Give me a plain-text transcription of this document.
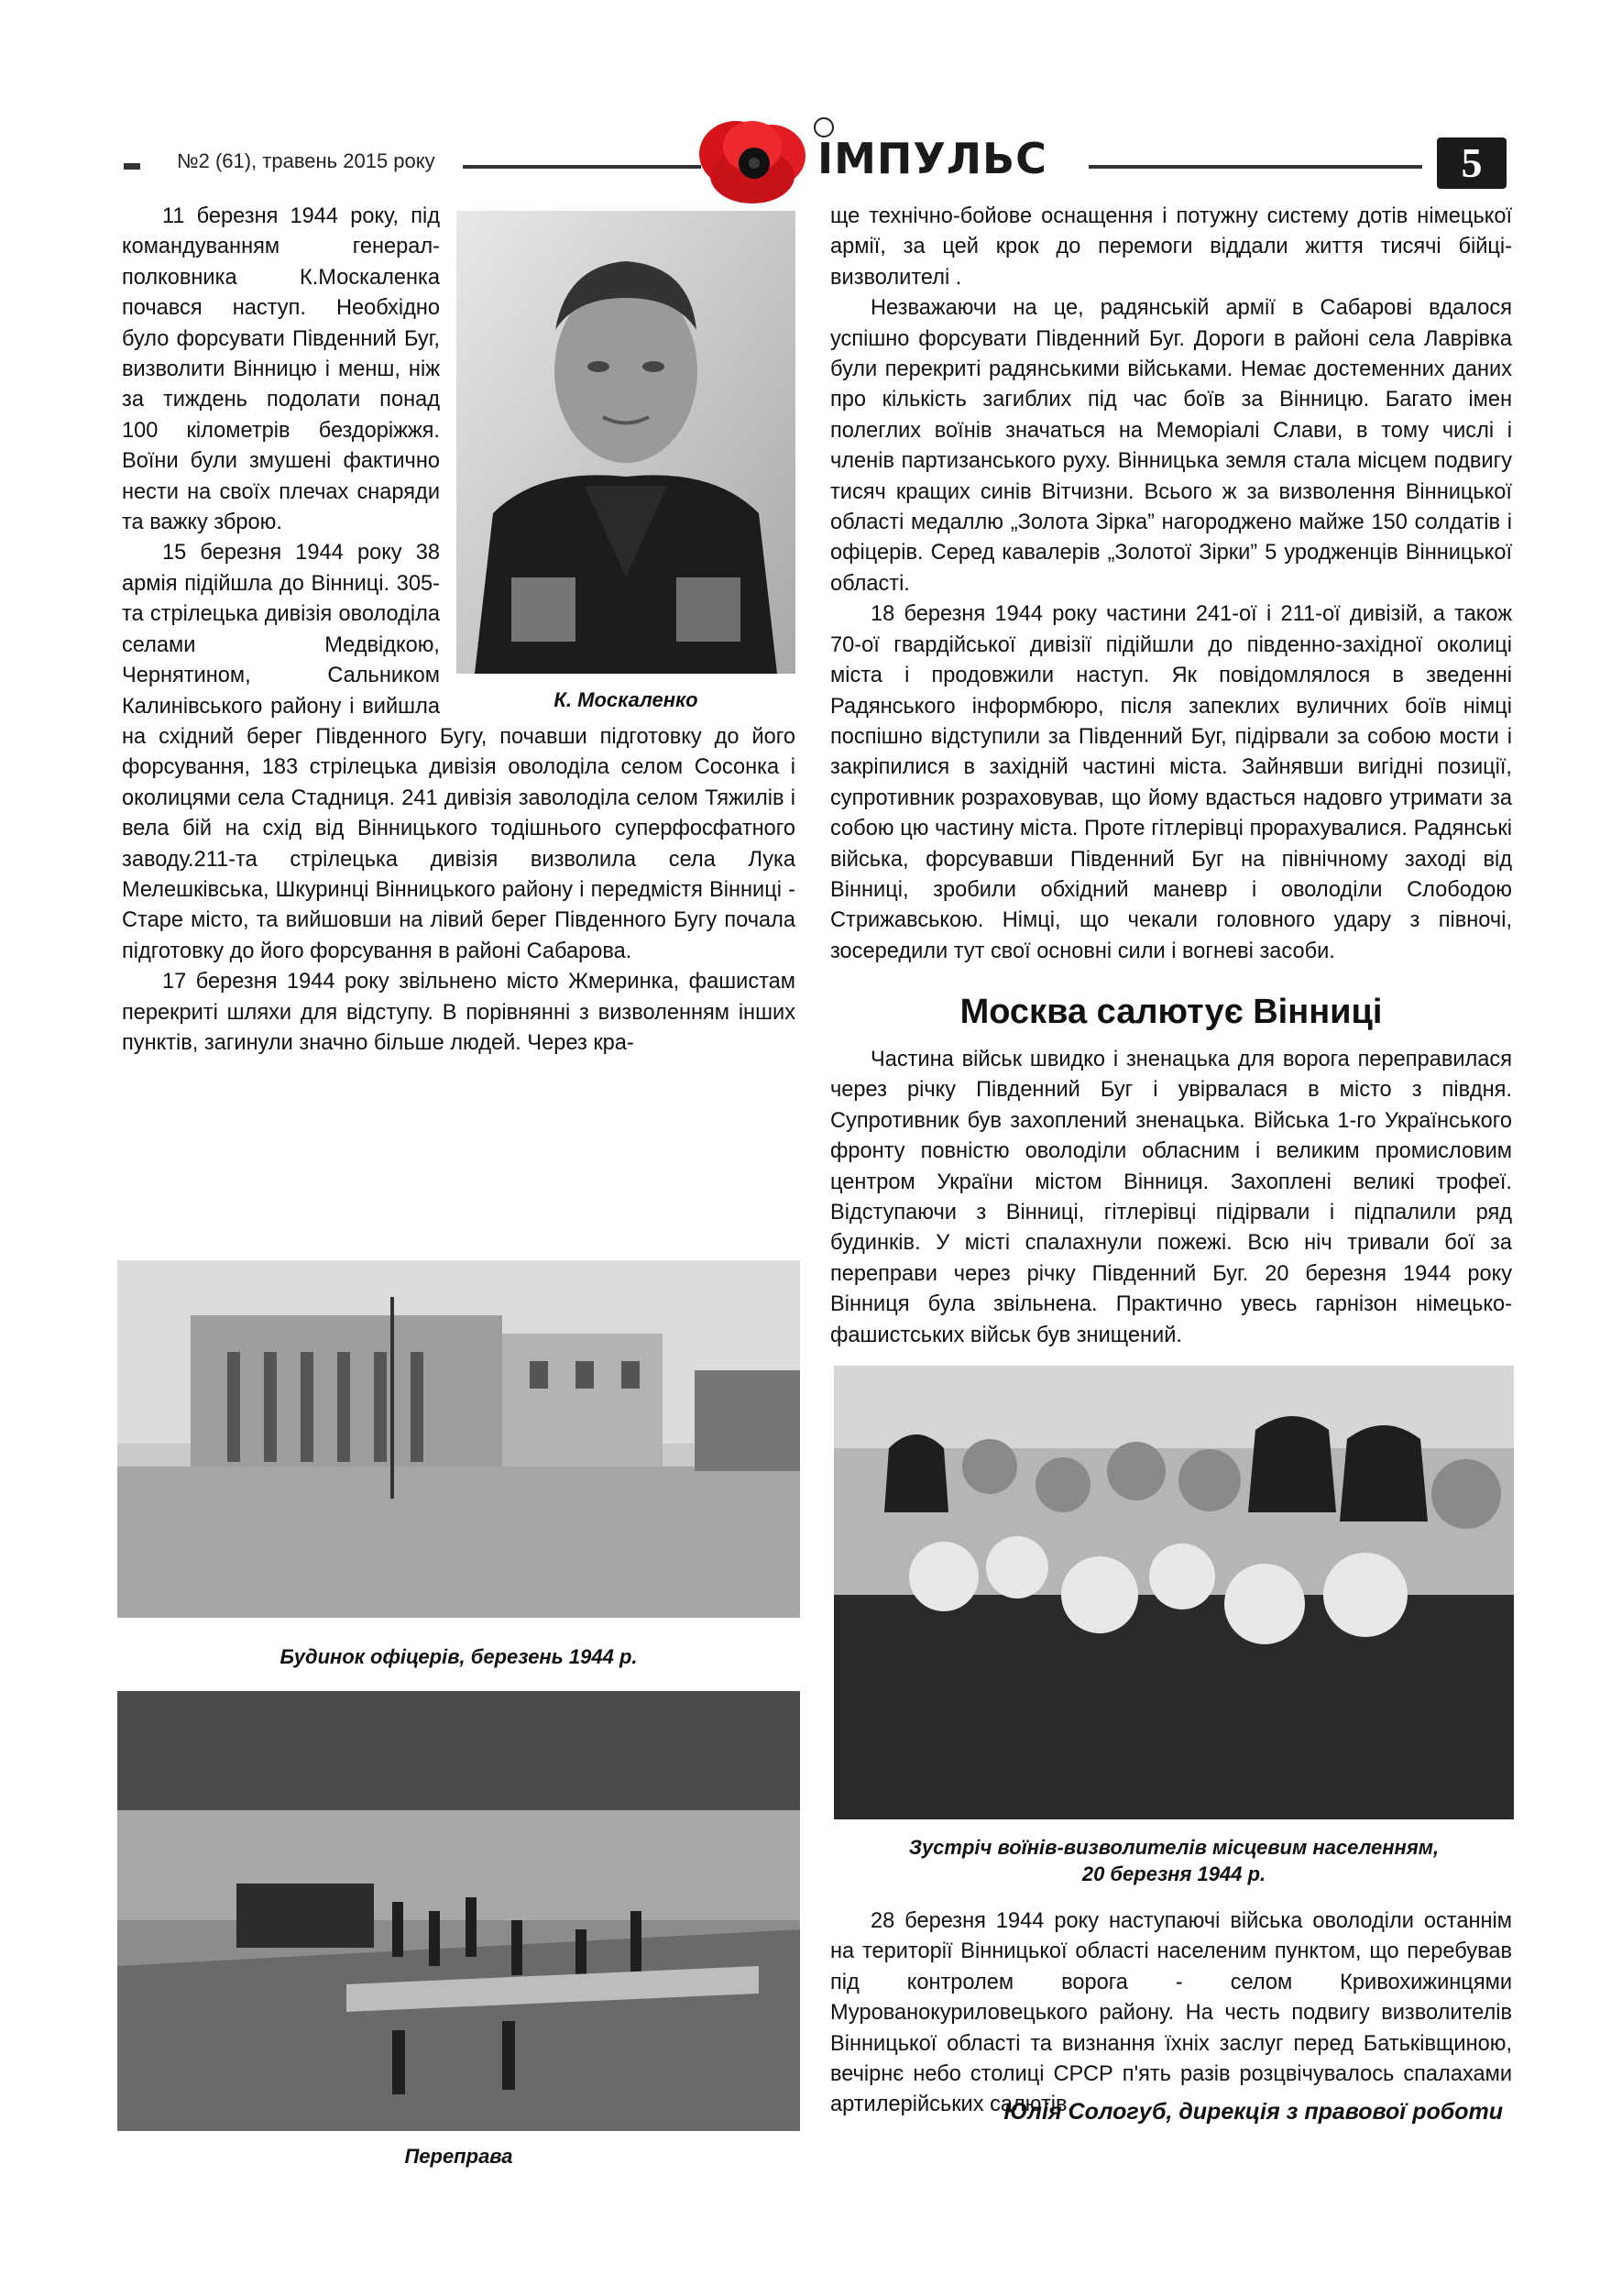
№2 (61), травень 2015 року	ІМПУЛЬС	5
К. Москаленко

11 березня 1944 року, під командуванням генерал-полковника К.Москаленка почався наступ. Необхідно було форсувати Південний Буг, визволити Вінницю і менш, ніж за тиждень подолати понад 100 кілометрів бездоріжжя. Воїни були змушені фактично нести на своїх плечах снаряди та важку зброю.

15 березня 1944 року 38 армія підійшла до Вінниці. 305-та стрілецька дивізія оволоділа селами Медвідкою, Чернятином, Сальником Калинівського району і вийшла на східний берег Південного Бугу, почавши підготовку до його форсування, 183 стрілецька дивізія оволоділа селом Сосонка і околицями села Стадниця. 241 дивізія заволоділа селом Тяжилів і вела бій на схід від Вінницького тодішнього суперфосфатного заводу.211-та стрілецька дивізія визволила села Лука Мелешківська, Шкуринці Вінницького району і передмістя Вінниці - Старе місто, та вийшовши на лівий берег Південного Бугу почала підготовку до його форсування в районі Сабарова.

17 березня 1944 року звільнено місто Жмеринка, фашистам перекриті шляхи для відступу. В порівнянні з визволенням інших пунктів, загинули значно більше людей. Через кра-

Будинок офіцерів, березень 1944 р.
Переправа

ще технічно-бойове оснащення і потужну систему дотів німецької армії, за цей крок до перемоги віддали життя тисячі бійці-визволителі .

Незважаючи на це, радянській армії в Сабарові вдалося успішно форсувати Південний Буг. Дороги в районі села Лаврівка були перекриті радянськими військами. Немає достеменних даних про кількість загиблих під час боїв за Вінницю. Багато імен полеглих воїнів значаться на Меморіалі Слави, в тому числі і членів партизанського руху. Вінницька земля стала місцем подвигу тисяч кращих синів Вітчизни. Всього ж за визволення Вінницької області медаллю „Золота Зірка” нагороджено майже 150 солдатів і офіцерів. Серед кавалерів „Золотої Зірки” 5 уродженців Вінницької області.

18 березня 1944 року частини 241-ої і 211-ої дивізій, а також 70-ої гвардійської дивізії підійшли до південно-західної околиці міста і продовжили наступ. Як повідомлялося в зведенні Радянського інформбюро, після запеклих вуличних боїв німці поспішно відступили за Південний Буг, підірвали за собою мости і закріпилися в західній частині міста. Зайнявши вигідні позиції, супротивник розраховував, що йому вдасться надовго утримати за собою цю частину міста. Проте гітлерівці прорахувалися. Радянські війська, форсувавши Південний Буг на північному заході від Вінниці, зробили обхідний маневр і оволоділи Слободою Стрижавською. Німці, що чекали головного удару з півночі, зосередили тут свої основні сили і вогневі засоби.

Москва салютує Вінниці

Частина військ швидко і зненацька для ворога переправилася через річку Південний Буг і увірвалася в місто з півдня. Супротивник був захоплений зненацька. Війська 1-го Українського фронту повністю оволоділи обласним і великим промисловим центром України містом Вінниця. Захоплені великі трофеї. Відступаючи з Вінниці, гітлерівці підірвали і підпалили ряд будинків. У місті спалахнули пожежі. Всю ніч тривали бої за переправи через річку Південний Буг. 20 березня 1944 року Вінниця була звільнена. Практично увесь гарнізон німецько-фашистських військ був знищений.

Зустріч воїнів-визволителів місцевим населенням,
20 березня 1944 р.

28 березня 1944 року наступаючі війська оволоділи останнім на території Вінницької області населеним пунктом, що перебував під контролем ворога - селом Кривохижинцями Мурованокуриловецького району. На честь подвигу визволителів Вінницької області та визнання їхніх заслуг перед Батьківщиною, вечірнє небо столиці СРСР п'ять разів розцвічувалось спалахами артилерійських салютів.

Юлія Сологуб, дирекція з правової роботи
